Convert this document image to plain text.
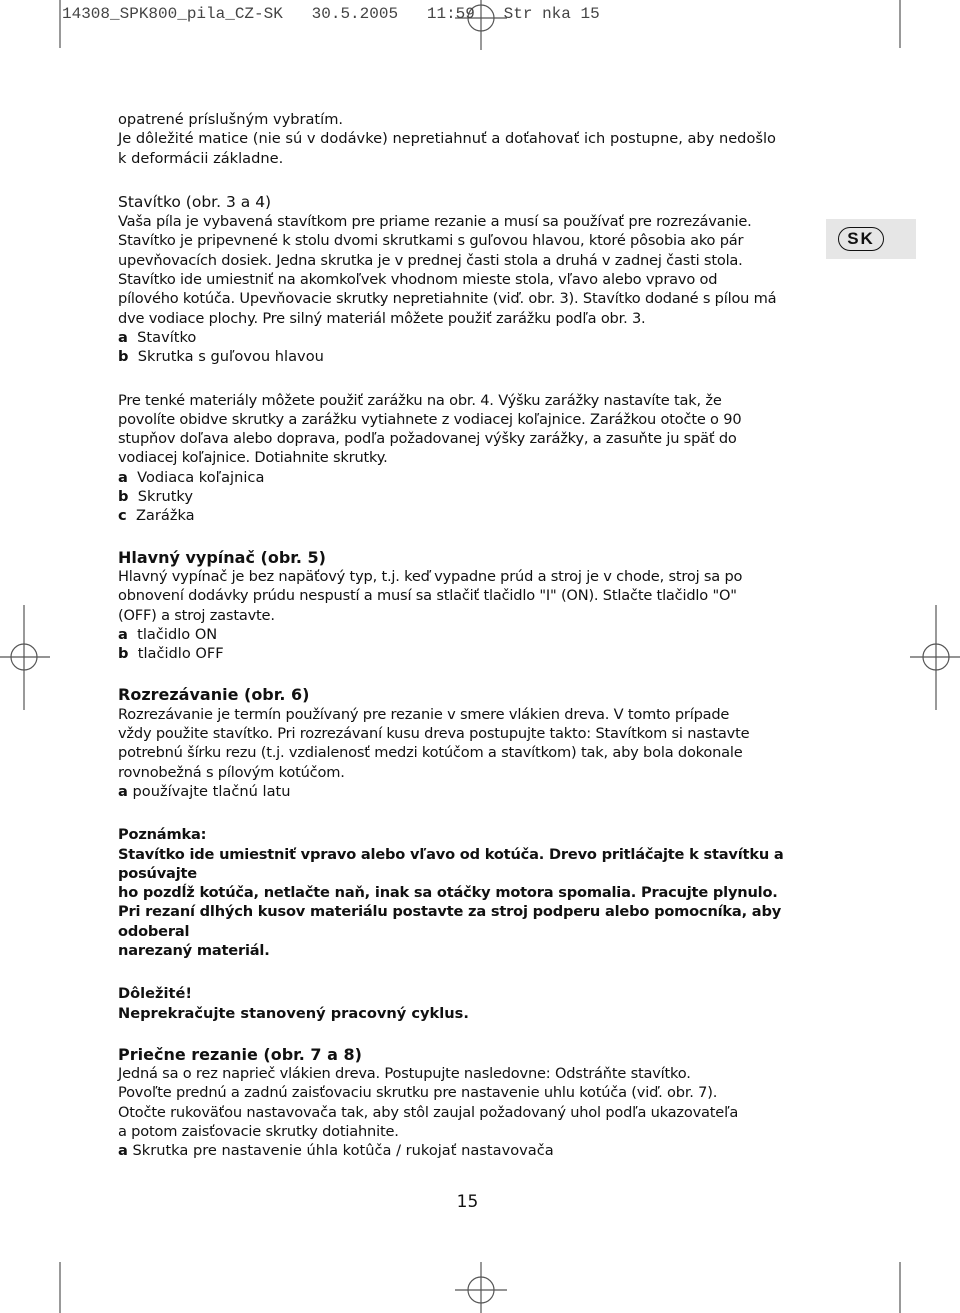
14308_SPK800_pila_CZ-SK   30.5.2005   11:59   Str nka 15
SK

opatrené príslušným vybratím.

Je dôležité matice (nie sú v dodávke) nepretiahnuť a doťahovať ich postupne, aby nedošlo

k deformácii základne.

Stavítko (obr. 3 a 4)

Vaša píla je vybavená stavítkom pre priame rezanie a musí sa používať pre rozrezávanie.

Stavítko je pripevnené k stolu dvomi skrutkami s guľovou hlavou, ktoré pôsobia ako pár

upevňovacích dosiek. Jedna skrutka je v prednej časti stola a druhá v zadnej časti stola.

Stavítko ide umiestniť na akomkoľvek vhodnom mieste stola, vľavo alebo vpravo od

pílového kotúča. Upevňovacie skrutky nepretiahnite (viď. obr. 3). Stavítko dodané s pílou má

dve vodiace plochy. Pre silný materiál môžete použiť zarážku podľa obr. 3.

a Stavítko

b Skrutka s guľovou hlavou

Pre tenké materiály môžete použiť zarážku na obr. 4. Výšku zarážky nastavíte tak, že

povolíte obidve skrutky a zarážku vytiahnete z vodiacej koľajnice. Zarážkou otočte o 90

stupňov doľava alebo doprava, podľa požadovanej výšky zarážky, a zasuňte ju späť do

vodiacej koľajnice. Dotiahnite skrutky.

a Vodiaca koľajnica

b Skrutky

c Zarážka

Hlavný vypínač (obr. 5)

Hlavný vypínač je bez napäťový typ, t.j. keď vypadne prúd a stroj je v chode, stroj sa po

obnovení dodávky prúdu nespustí a musí sa stlačiť tlačidlo "I" (ON). Stlačte tlačidlo "O"

(OFF) a stroj zastavte.

a tlačidlo ON

b tlačidlo OFF

Rozrezávanie (obr. 6)

Rozrezávanie je termín používaný pre rezanie v smere vlákien dreva. V tomto prípade

vždy použite stavítko. Pri rozrezávaní kusu dreva postupujte takto: Stavítkom si nastavte

potrebnú šírku rezu (t.j. vzdialenosť medzi kotúčom a stavítkom) tak, aby bola dokonale

rovnobežná s pílovým kotúčom.

a používajte tlačnú latu

Poznámka:

Stavítko ide umiestniť vpravo alebo vľavo od kotúča. Drevo pritláčajte k stavítku a posúvajte

ho pozdĺž kotúča, netlačte naň, inak sa otáčky motora spomalia. Pracujte plynulo.

Pri rezaní dlhých kusov materiálu postavte za stroj podperu alebo pomocníka, aby odoberal

narezaný materiál.

Dôležité!

Neprekračujte stanovený pracovný cyklus.

Priečne rezanie (obr. 7 a 8)

Jedná sa o rez naprieč vlákien dreva. Postupujte nasledovne: Odstráňte stavítko.

Povoľte prednú a zadnú zaisťovaciu skrutku pre nastavenie uhlu kotúča (viď. obr. 7).

Otočte rukoväťou nastavovača tak, aby stôl zaujal požadovaný uhol podľa ukazovateľa

a potom zaisťovacie skrutky dotiahnite.

a Skrutka pre nastavenie úhla kotûča / rukojať nastavovača

15
